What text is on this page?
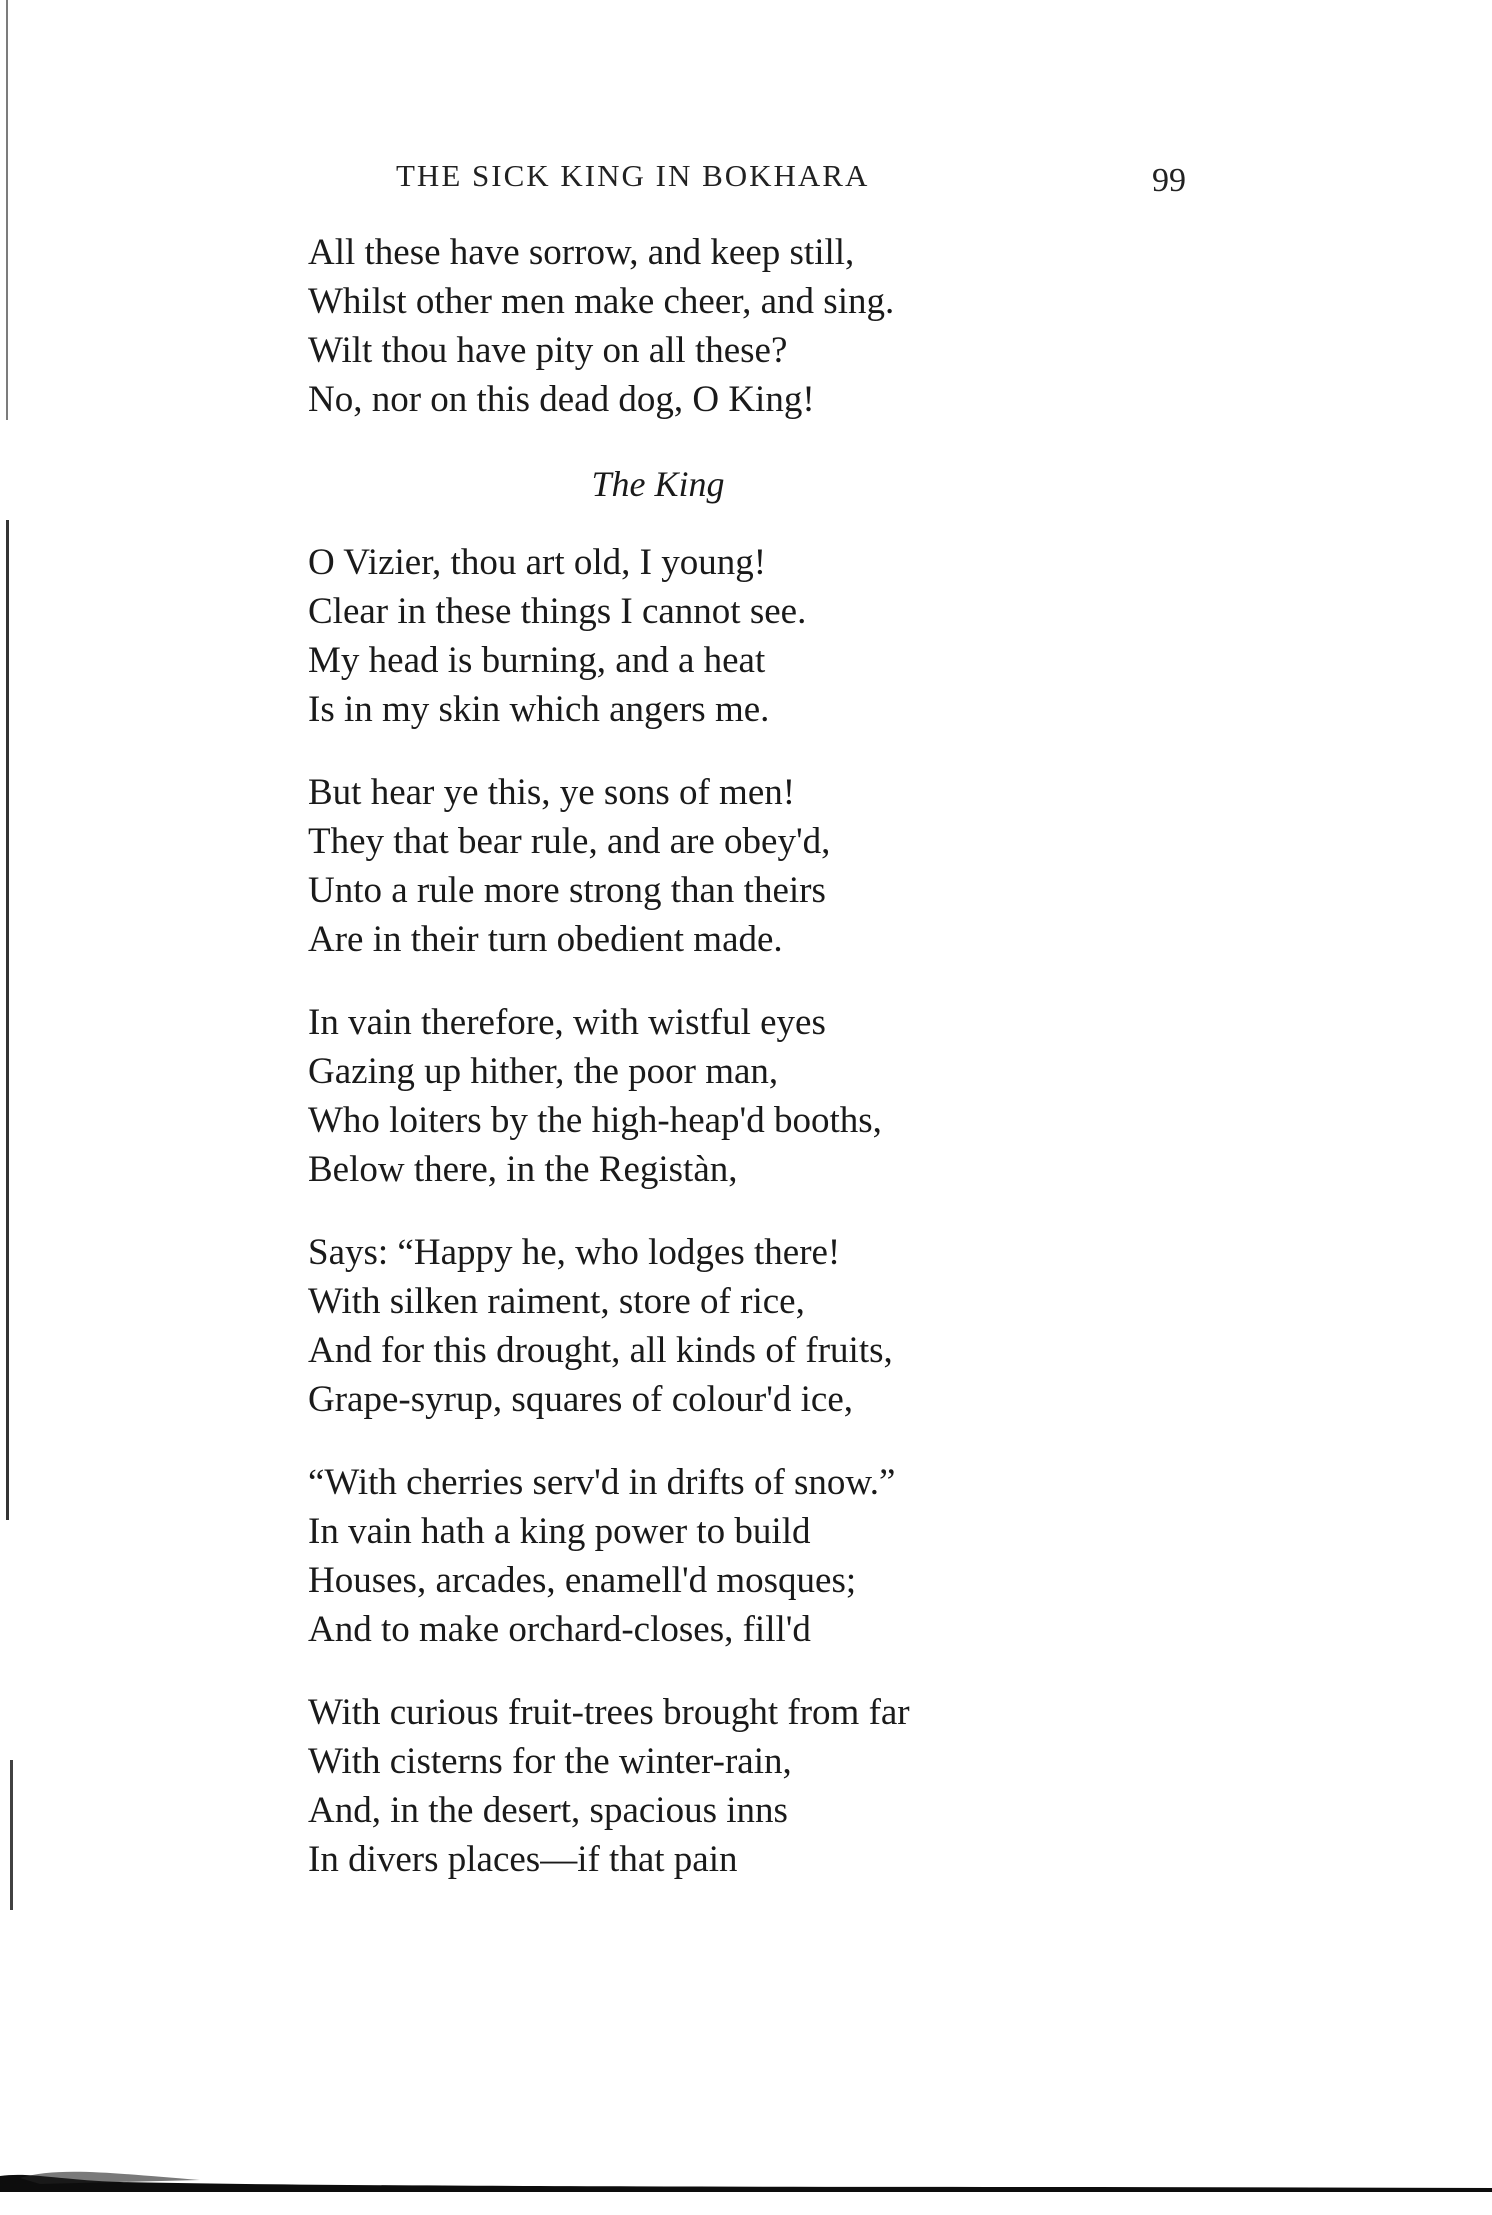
THE SICK KING IN BOKHARA	99
All these have sorrow, and keep still,
Whilst other men make cheer, and sing.
Wilt thou have pity on all these?
No, nor on this dead dog, O King!
The King
O Vizier, thou art old, I young!
Clear in these things I cannot see.
My head is burning, and a heat
Is in my skin which angers me.
But hear ye this, ye sons of men!
They that bear rule, and are obey'd,
Unto a rule more strong than theirs
Are in their turn obedient made.
In vain therefore, with wistful eyes
Gazing up hither, the poor man,
Who loiters by the high-heap'd booths,
Below there, in the Registàn,
Says: “Happy he, who lodges there!
With silken raiment, store of rice,
And for this drought, all kinds of fruits,
Grape-syrup, squares of colour'd ice,
“With cherries serv'd in drifts of snow.”
In vain hath a king power to build
Houses, arcades, enamell'd mosques;
And to make orchard-closes, fill'd
With curious fruit-trees brought from far
With cisterns for the winter-rain,
And, in the desert, spacious inns
In divers places—if that pain
